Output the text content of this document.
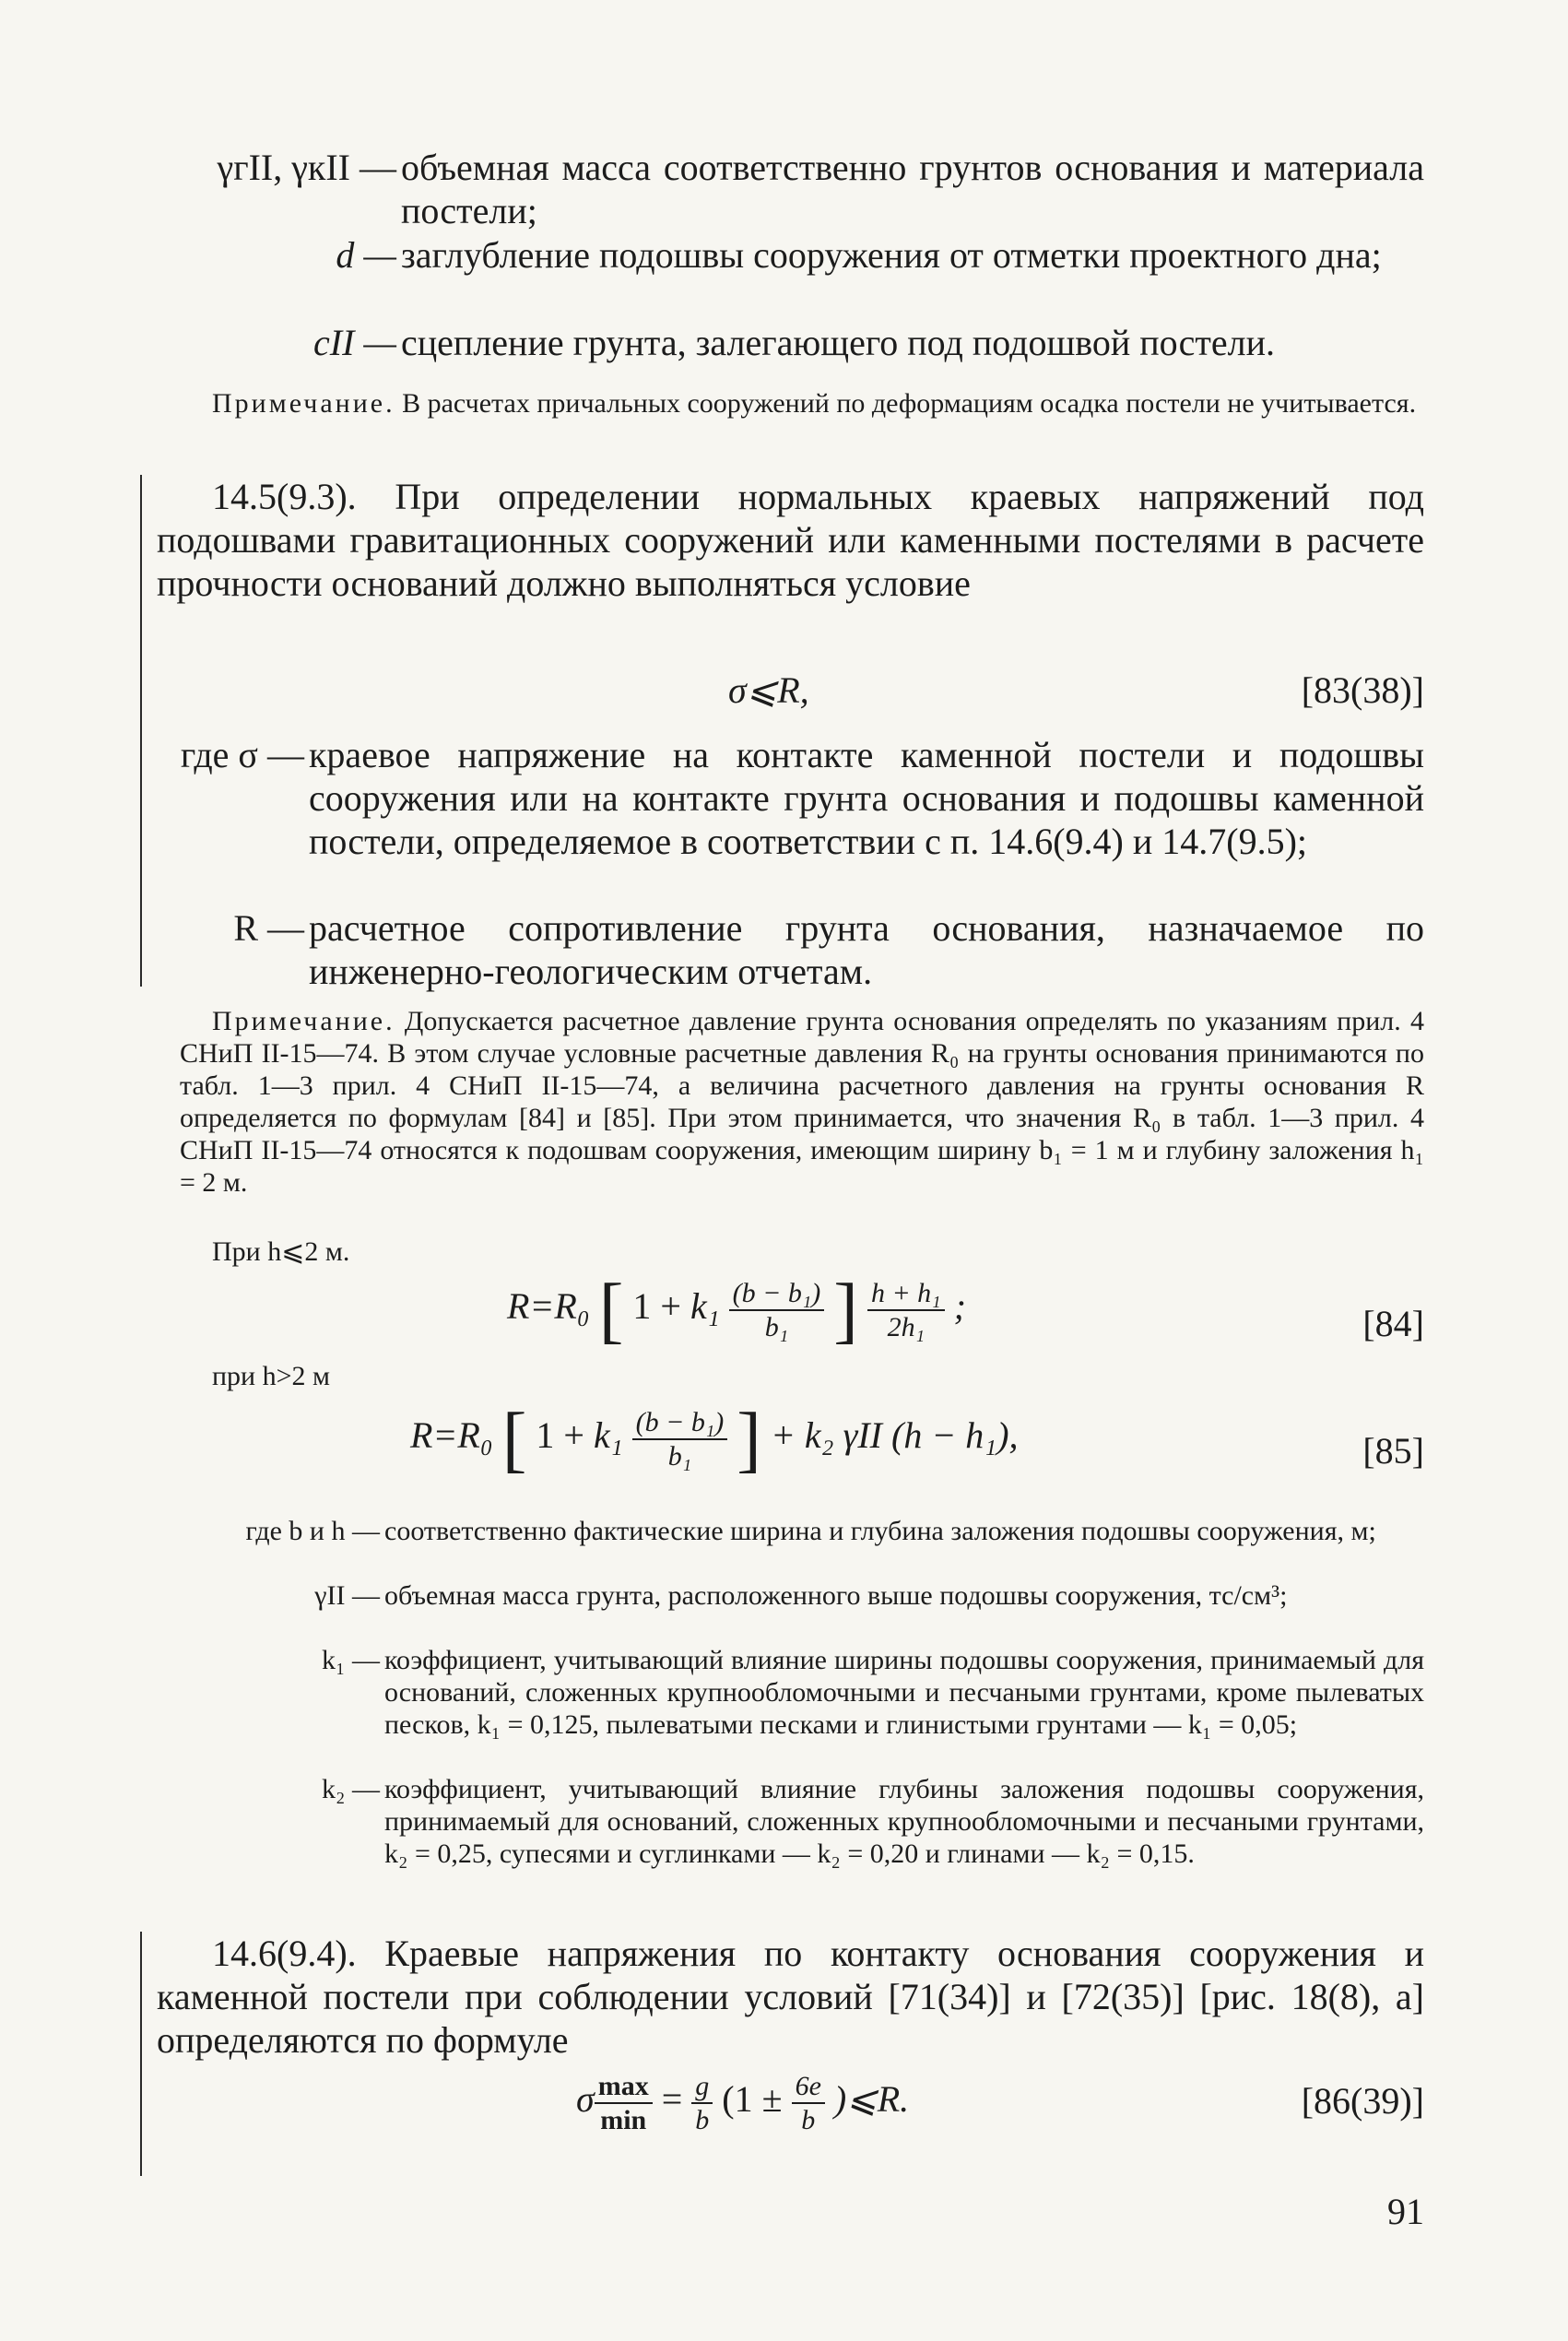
γгII, γкII — объемная масса соответственно грунтов основания и материала постели;
d — заглубление подошвы сооружения от отметки проектного дна;
cII — сцепление грунта, залегающего под подошвой постели.
Примечание. В расчетах причальных сооружений по деформациям осадка постели не учитывается.
14.5(9.3). При определении нормальных краевых напряжений под подошвами гравитационных сооружений или каменными постелями в расчете прочности оснований должно выполняться условие
σ⩽R,	[83(38)]
где σ — краевое напряжение на контакте каменной постели и подошвы сооружения или на контакте грунта основания и подошвы каменной постели, определяемое в соответствии с п. 14.6(9.4) и 14.7(9.5);
R — расчетное сопротивление грунта основания, назначаемое по инженерно-геологическим отчетам.
Примечание. Допускается расчетное давление грунта основания определять по указаниям прил. 4 СНиП II-15—74. В этом случае условные расчетные давления R₀ на грунты основания принимаются по табл. 1—3 прил. 4 СНиП II-15—74, а величина расчетного давления на грунты основания R определяется по формулам [84] и [85]. При этом принимается, что значения R₀ в табл. 1—3 прил. 4 СНиП II-15—74 относятся к подошвам сооружения, имеющим ширину b₁ = 1 м и глубину заложения h₁ = 2 м.
При h⩽2 м.
R=R₀ [ $1 + k_1 \frac{\text{(b − b₁)}}{\text{b₁}}$ ] $\frac{\text{h + h₁}}{\text{2h₁}}$ ;	[84]
при h>2 м
R=R₀ [ $1 + k_1 \frac{\text{(b − b₁)}}{\text{b₁}}$ ] + k₂ γII (h − h₁),	[85]
где b и h — соответственно фактические ширина и глубина заложения подошвы сооружения, м;
γII — объемная масса грунта, расположенного выше подошвы сооружения, тс/см³;
k₁ — коэффициент, учитывающий влияние ширины подошвы сооружения, принимаемый для оснований, сложенных крупнообломочными и песчаными грунтами, кроме пылеватых песков, k₁ = 0,125, пылеватыми песками и глинистыми грунтами — k₁ = 0,05;
k₂ — коэффициент, учитывающий влияние глубины заложения подошвы сооружения, принимаемый для оснований, сложенных крупнообломочными и песчаными грунтами, k₂ = 0,25, супесями и суглинками — k₂ = 0,20 и глинами — k₂ = 0,15.
14.6(9.4). Краевые напряжения по контакту основания сооружения и каменной постели при соблюдении условий [71(34)] и [72(35)] [рис. 18(8), а] определяются по формуле
σ $\frac{\max}{\min} = \frac{g}{b} (1 \pm \frac{6e}{b}$ )⩽R.	[86(39)]
91
